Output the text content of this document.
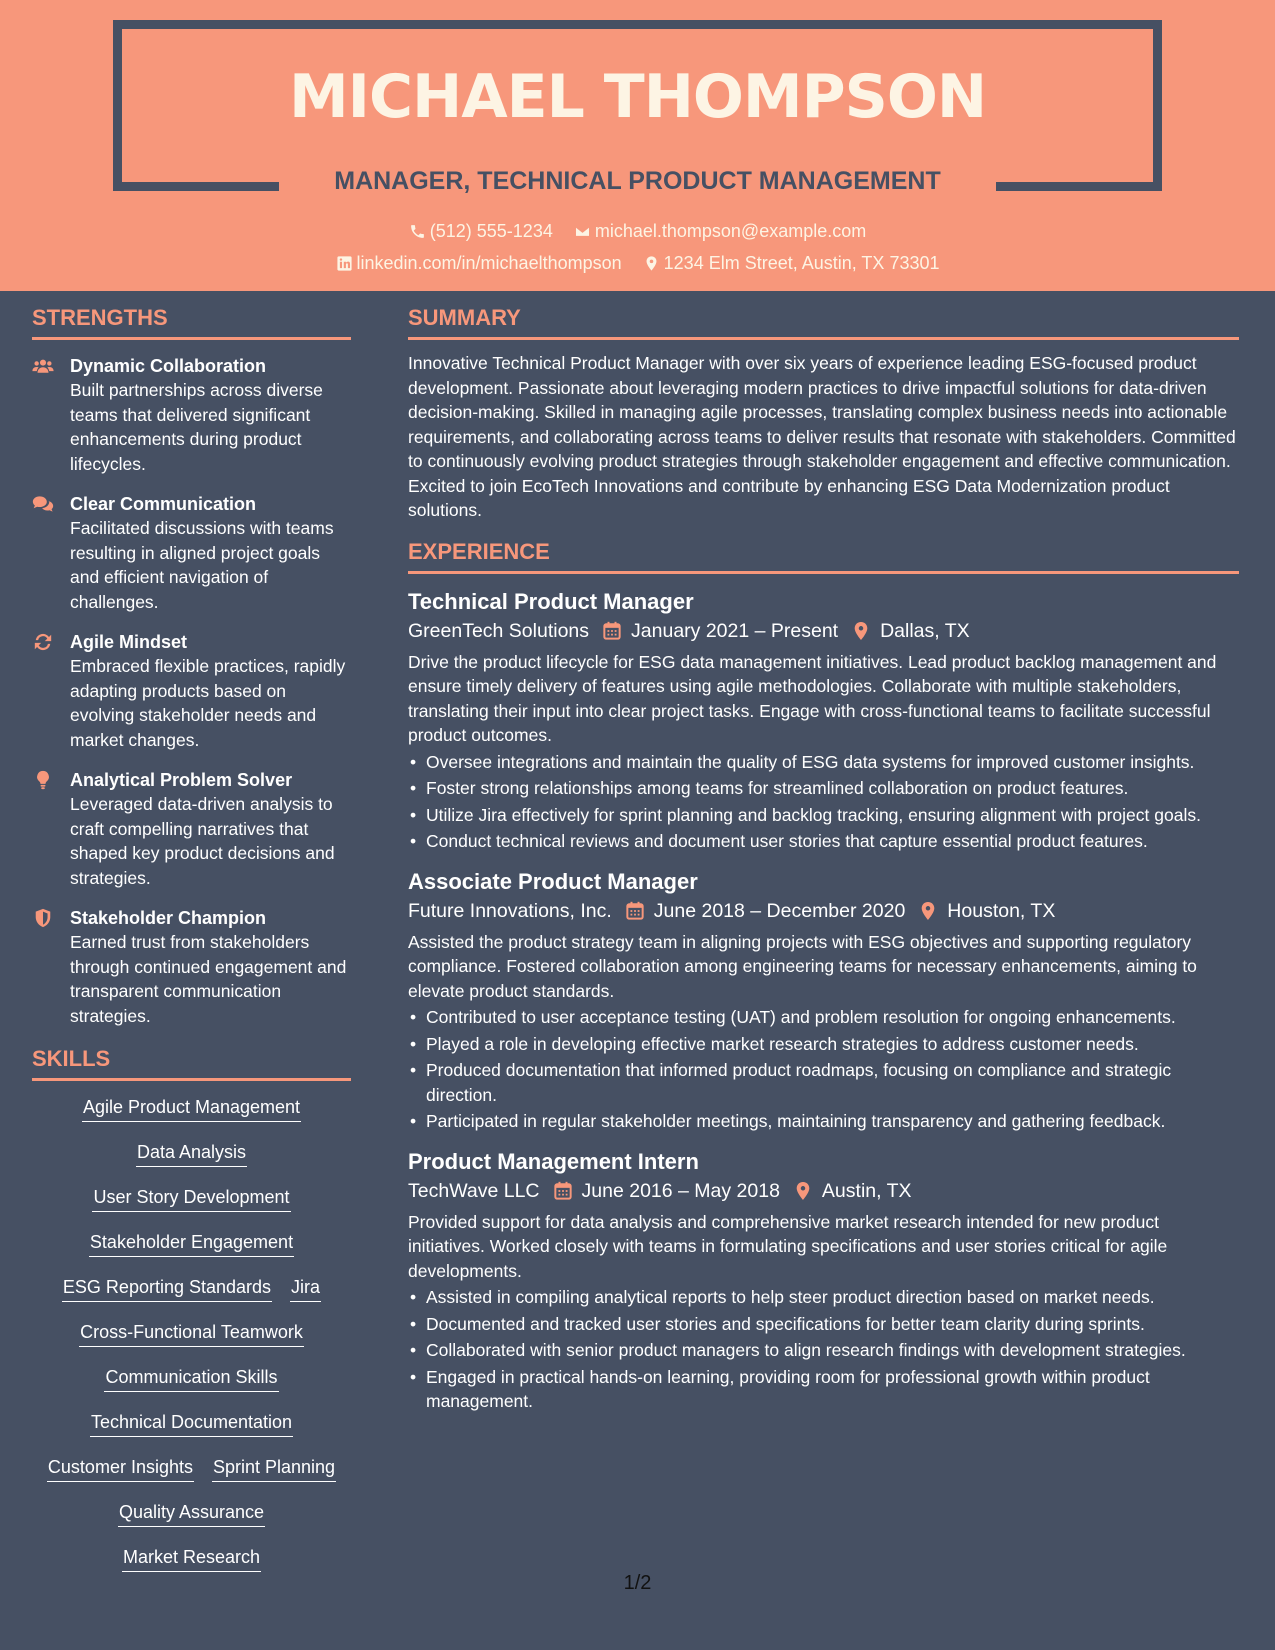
MICHAEL THOMPSON
MANAGER, TECHNICAL PRODUCT MANAGEMENT
(512) 555-1234
michael.thompson@example.com
linkedin.com/in/michaelthompson
1234 Elm Street, Austin, TX 73301
STRENGTHS
Dynamic Collaboration
Built partnerships across diverse teams that delivered significant enhancements during product lifecycles.
Clear Communication
Facilitated discussions with teams resulting in aligned project goals and efficient navigation of challenges.
Agile Mindset
Embraced flexible practices, rapidly adapting products based on evolving stakeholder needs and market changes.
Analytical Problem Solver
Leveraged data-driven analysis to craft compelling narratives that shaped key product decisions and strategies.
Stakeholder Champion
Earned trust from stakeholders through continued engagement and transparent communication strategies.
SKILLS
Agile Product Management
Data Analysis
User Story Development
Stakeholder Engagement
ESG Reporting Standards Jira
Cross-Functional Teamwork
Communication Skills
Technical Documentation
Customer Insights Sprint Planning
Quality Assurance
Market Research
SUMMARY
Innovative Technical Product Manager with over six years of experience leading ESG-focused product development. Passionate about leveraging modern practices to drive impactful solutions for data-driven decision-making. Skilled in managing agile processes, translating complex business needs into actionable requirements, and collaborating across teams to deliver results that resonate with stakeholders. Committed to continuously evolving product strategies through stakeholder engagement and effective communication. Excited to join EcoTech Innovations and contribute by enhancing ESG Data Modernization product solutions.
EXPERIENCE
Technical Product Manager
GreenTech Solutions January 2021 – Present Dallas, TX
Drive the product lifecycle for ESG data management initiatives. Lead product backlog management and ensure timely delivery of features using agile methodologies. Collaborate with multiple stakeholders, translating their input into clear project tasks. Engage with cross-functional teams to facilitate successful product outcomes.
• Oversee integrations and maintain the quality of ESG data systems for improved customer insights.
• Foster strong relationships among teams for streamlined collaboration on product features.
• Utilize Jira effectively for sprint planning and backlog tracking, ensuring alignment with project goals.
• Conduct technical reviews and document user stories that capture essential product features.
Associate Product Manager
Future Innovations, Inc. June 2018 – December 2020 Houston, TX
Assisted the product strategy team in aligning projects with ESG objectives and supporting regulatory compliance. Fostered collaboration among engineering teams for necessary enhancements, aiming to elevate product standards.
• Contributed to user acceptance testing (UAT) and problem resolution for ongoing enhancements.
• Played a role in developing effective market research strategies to address customer needs.
• Produced documentation that informed product roadmaps, focusing on compliance and strategic direction.
• Participated in regular stakeholder meetings, maintaining transparency and gathering feedback.
Product Management Intern
TechWave LLC June 2016 – May 2018 Austin, TX
Provided support for data analysis and comprehensive market research intended for new product initiatives. Worked closely with teams in formulating specifications and user stories critical for agile developments.
• Assisted in compiling analytical reports to help steer product direction based on market needs.
• Documented and tracked user stories and specifications for better team clarity during sprints.
• Collaborated with senior product managers to align research findings with development strategies.
• Engaged in practical hands-on learning, providing room for professional growth within product management.
1/2
